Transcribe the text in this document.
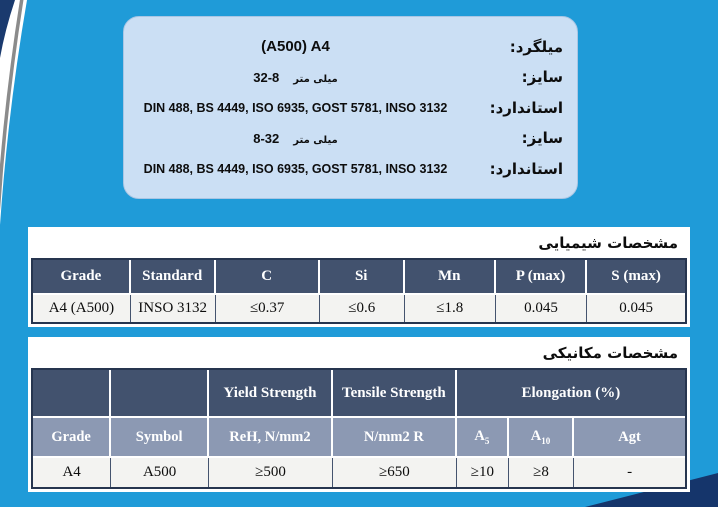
(A500) A4	میلگرد:
32-8 میلی متر	سایز:
DIN 488, BS 4449, ISO 6935, GOST 5781, INSO 3132	استاندارد:
8-32 میلی متر	سایز:
DIN 488, BS 4449, ISO 6935, GOST 5781, INSO 3132	استاندارد:
مشخصات شیمیایی
Grade	Standard	C	Si	Mn	P (max)	S (max)
A4 (A500)	INSO 3132	≤0.37	≤0.6	≤1.8	0.045	0.045
مشخصات مکانیکی
		Yield Strength	Tensile Strength	Elongation (%)		
Grade	Symbol	ReH, N/mm2	N/mm2 R	$A_5$	$A_{10}$	Agt
A4	A500	≥500	≥650	≥10	≥8	-
